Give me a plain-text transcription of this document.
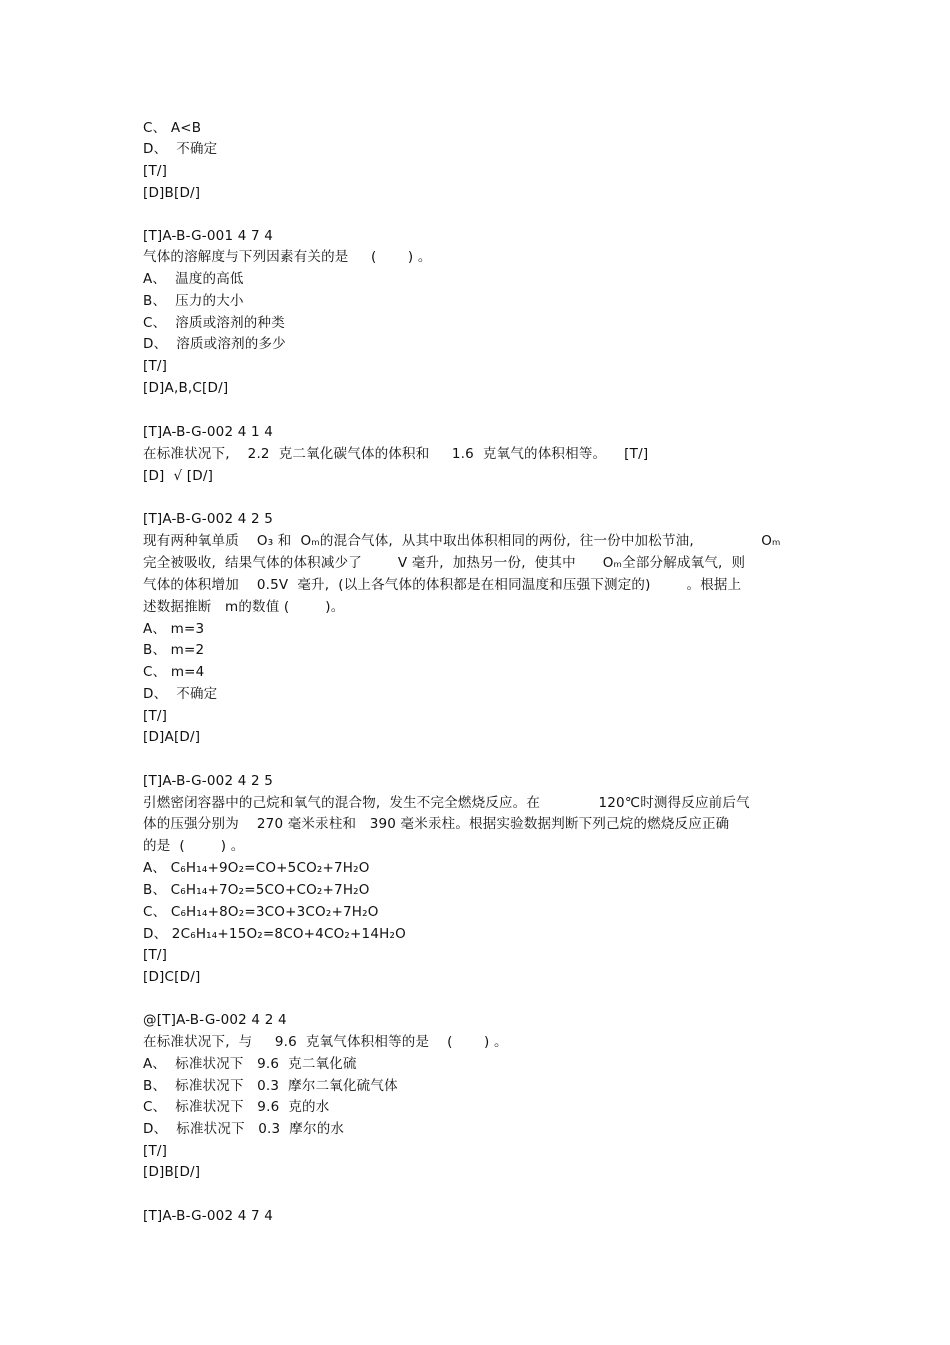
C、 A<B
D、  不确定
[T/]
[D]B[D/]
[T]A-B-G-001 4 7 4
气体的溶解度与下列因素有关的是     (       ) 。
A、  温度的高低
B、  压力的大小
C、  溶质或溶剂的种类
D、  溶质或溶剂的多少
[T/]
[D]A,B,C[D/]
[T]A-B-G-002 4 1 4
在标准状况下,    2.2  克二氧化碳气体的体积和     1.6  克氧气的体积相等。    [T/]
[D]  √ [D/]
[T]A-B-G-002 4 2 5
现有两种氧单质    O₃ 和  Oₘ的混合气体,  从其中取出体积相同的两份,  往一份中加松节油,               Oₘ
完全被吸收,  结果气体的体积减少了        V 毫升,  加热另一份,  使其中      Oₘ全部分解成氧气,  则
气体的体积增加    0.5V  毫升,  (以上各气体的体积都是在相同温度和压强下测定的)        。根据上
述数据推断   m的数值 (        )。
A、 m=3
B、 m=2
C、 m=4
D、  不确定
[T/]
[D]A[D/]
[T]A-B-G-002 4 2 5
引燃密闭容器中的己烷和氧气的混合物,  发生不完全燃烧反应。在             120℃时测得反应前后气
体的压强分别为    270 毫米汞柱和   390 毫米汞柱。根据实验数据判断下列己烷的燃烧反应正确
的是  (        ) 。
A、 C₆H₁₄+9O₂=CO+5CO₂+7H₂O
B、 C₆H₁₄+7O₂=5CO+CO₂+7H₂O
C、 C₆H₁₄+8O₂=3CO+3CO₂+7H₂O
D、 2C₆H₁₄+15O₂=8CO+4CO₂+14H₂O
[T/]
[D]C[D/]
@[T]A-B-G-002 4 2 4
在标准状况下,  与     9.6  克氧气体积相等的是    (       ) 。
A、  标准状况下   9.6  克二氧化硫
B、  标准状况下   0.3  摩尔二氧化硫气体
C、  标准状况下   9.6  克的水
D、  标准状况下   0.3  摩尔的水
[T/]
[D]B[D/]
[T]A-B-G-002 4 7 4
